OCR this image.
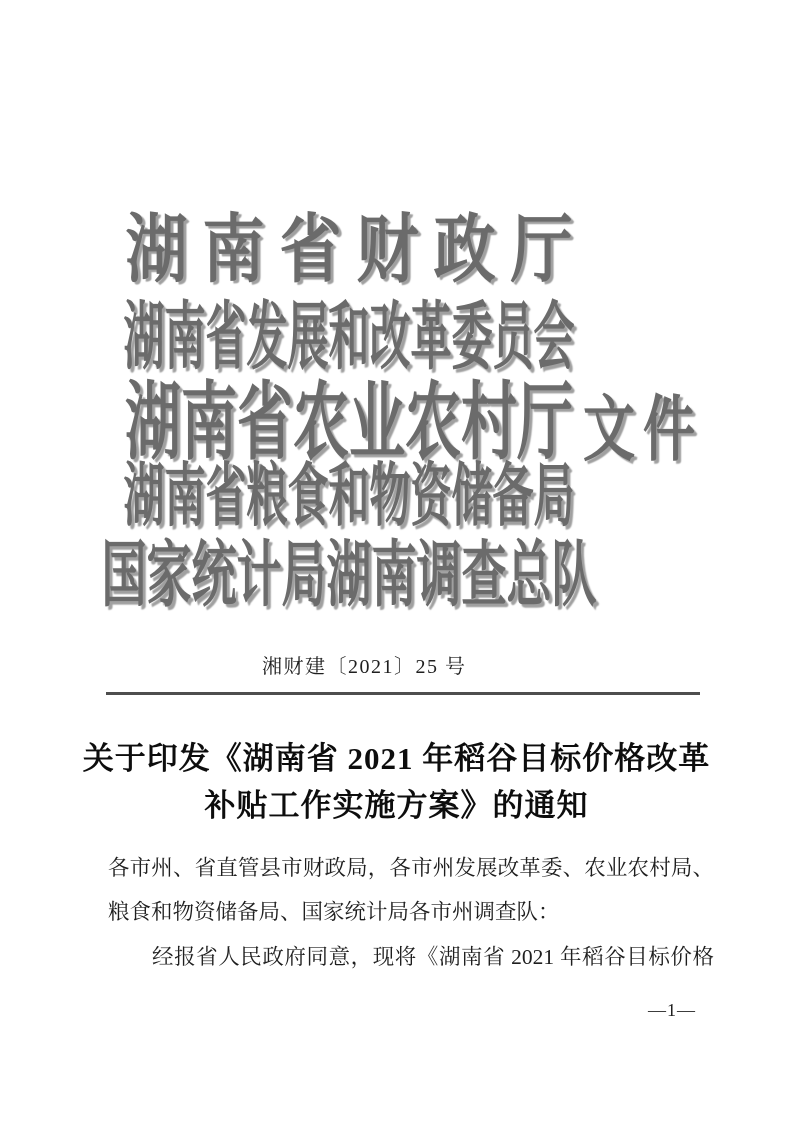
湖南省财政厅
湖南省发展和改革委员会
湖南省农业农村厅
湖南省粮食和物资储备局
国家统计局湖南调查总队
文件
湘财建〔2021〕25 号
关于印发《湖南省 2021 年稻谷目标价格改革
补贴工作实施方案》的通知
各市州、省直管县市财政局，各市州发展改革委、农业农村局、
粮食和物资储备局、国家统计局各市州调查队：
经报省人民政府同意，现将《湖南省 2021 年稻谷目标价格
—1—
